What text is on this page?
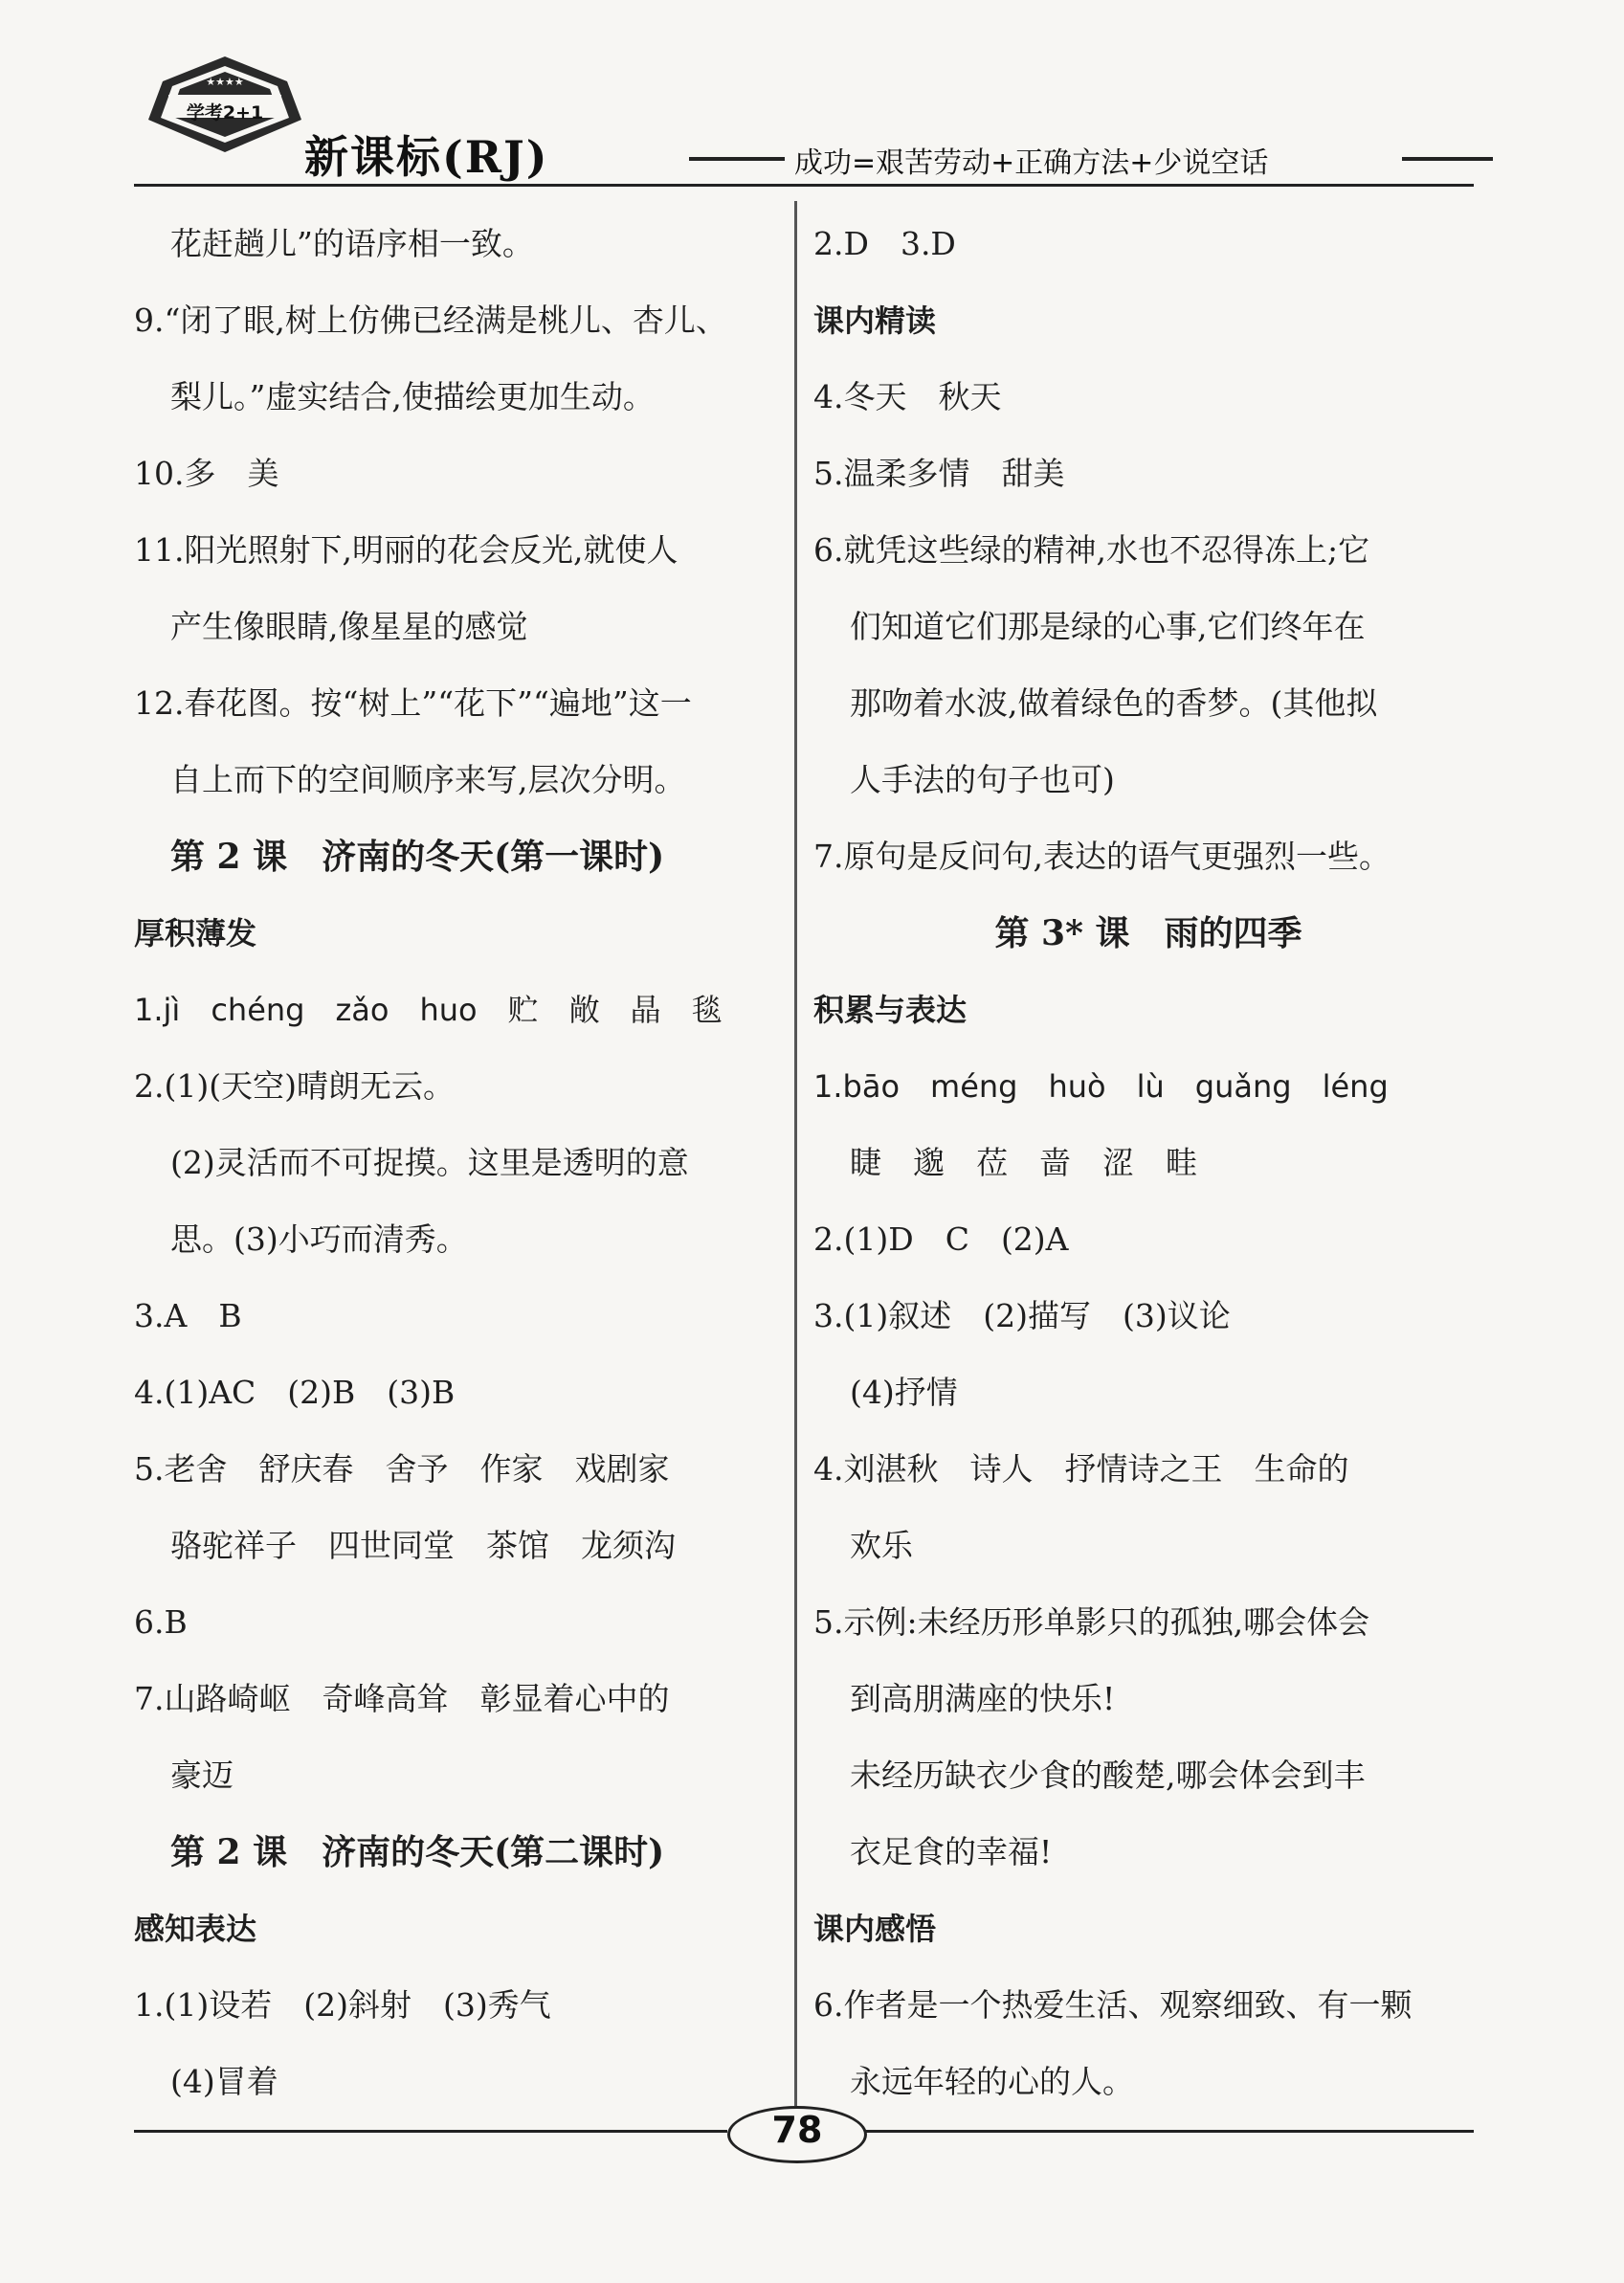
★★★★
学考2+1
新课标(RJ)	成功=艰苦劳动+正确方法+少说空话
花赶趟儿”的语序相一致。
9.“闭了眼,树上仿佛已经满是桃儿、杏儿、
梨儿。”虚实结合,使描绘更加生动。
10.多　美
11.阳光照射下,明丽的花会反光,就使人
产生像眼睛,像星星的感觉
12.春花图。按“树上”“花下”“遍地”这一
自上而下的空间顺序来写,层次分明。
第 2 课　济南的冬天(第一课时)
厚积薄发
1.jì　chéng　zǎo　huo　贮　敞　晶　毯
2.(1)(天空)晴朗无云。
(2)灵活而不可捉摸。这里是透明的意
思。(3)小巧而清秀。
3.A　B
4.(1)AC　(2)B　(3)B
5.老舍　舒庆春　舍予　作家　戏剧家
骆驼祥子　四世同堂　茶馆　龙须沟
6.B
7.山路崎岖　奇峰高耸　彰显着心中的
豪迈
第 2 课　济南的冬天(第二课时)
感知表达
1.(1)设若　(2)斜射　(3)秀气
(4)冒着
2.D　3.D
课内精读
4.冬天　秋天
5.温柔多情　甜美
6.就凭这些绿的精神,水也不忍得冻上;它
们知道它们那是绿的心事,它们终年在
那吻着水波,做着绿色的香梦。(其他拟
人手法的句子也可)
7.原句是反问句,表达的语气更强烈一些。
第 3* 课　雨的四季
积累与表达
1.bāo　méng　huò　lù　guǎng　léng
睫　邈　莅　啬　涩　畦
2.(1)D　C　(2)A
3.(1)叙述　(2)描写　(3)议论
(4)抒情
4.刘湛秋　诗人　抒情诗之王　生命的
欢乐
5.示例:未经历形单影只的孤独,哪会体会
到高朋满座的快乐!
未经历缺衣少食的酸楚,哪会体会到丰
衣足食的幸福!
课内感悟
6.作者是一个热爱生活、观察细致、有一颗
永远年轻的心的人。
78
